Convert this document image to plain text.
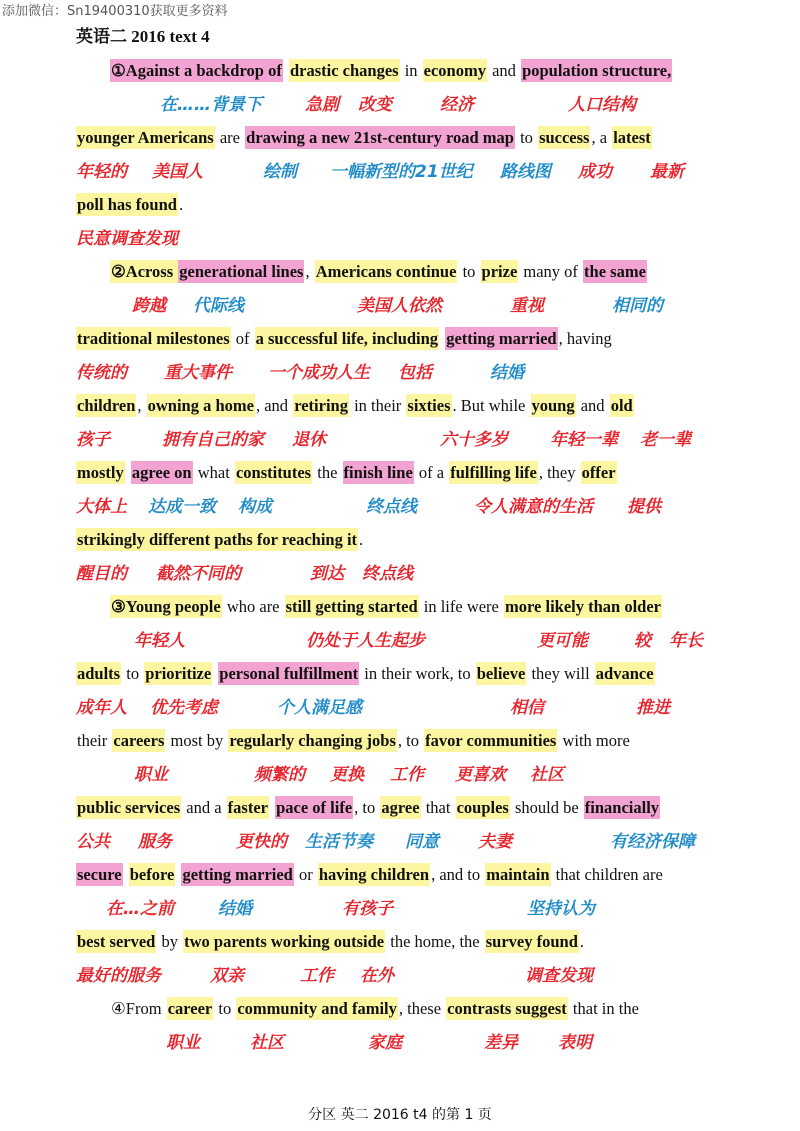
添加微信：Sn19400310获取更多资料
英语二 2016 text 4
①Against a backdrop of drastic changes in economy and population structure,
younger Americans are drawing a new 21st-century road map to success , a latest
poll has found .
②Across generational lines , Americans continue to prize many of the same
traditional milestones of a successful life, including getting married , having
children , owning a home , and retiring in their sixties . But while young and old
mostly agree on what constitutes the finish line of a fulfilling life , they offer
strikingly different paths for reaching it .
③Young people who are still getting started in life were more likely than older
adults to prioritize personal fulfillment in their work, to believe they will advance
their careers most by regularly changing jobs , to favor communities with more
public services and a faster pace of life , to agree that couples should be financially
secure before getting married or having children , and to maintain that children are
best served by two parents working outside the home, the survey found .
④From career to community and family , these contrasts suggest that in the
在……背景下	急剧 改变	经济	人口结构
年轻的 美国人	绘制 一幅新型的21世纪 路线图 成功 最新
民意调查发现
跨越 代际线	美国人依然	重视	相同的
传统的 重大事件 一个成功人生 包括	结婚
孩子	拥有自己的家 退休	六十多岁 年轻一辈 老一辈
大体上 达成一致 构成	终点线	令人满意的生活 提供
醒目的 截然不同的	到达 终点线
年轻人	仍处于人生起步	更可能	较 年长
成年人 优先考虑	个人满足感	相信	推进
职业	频繁的 更换 工作 更喜欢 社区
公共 服务	更快的 生活节奏 同意 夫妻	有经济保障
在…之前	结婚	有孩子	坚持认为
最好的服务	双亲	工作 在外	调查发现
职业	社区	家庭	差异 表明
分区 英二 2016 t4 的第 1 页
